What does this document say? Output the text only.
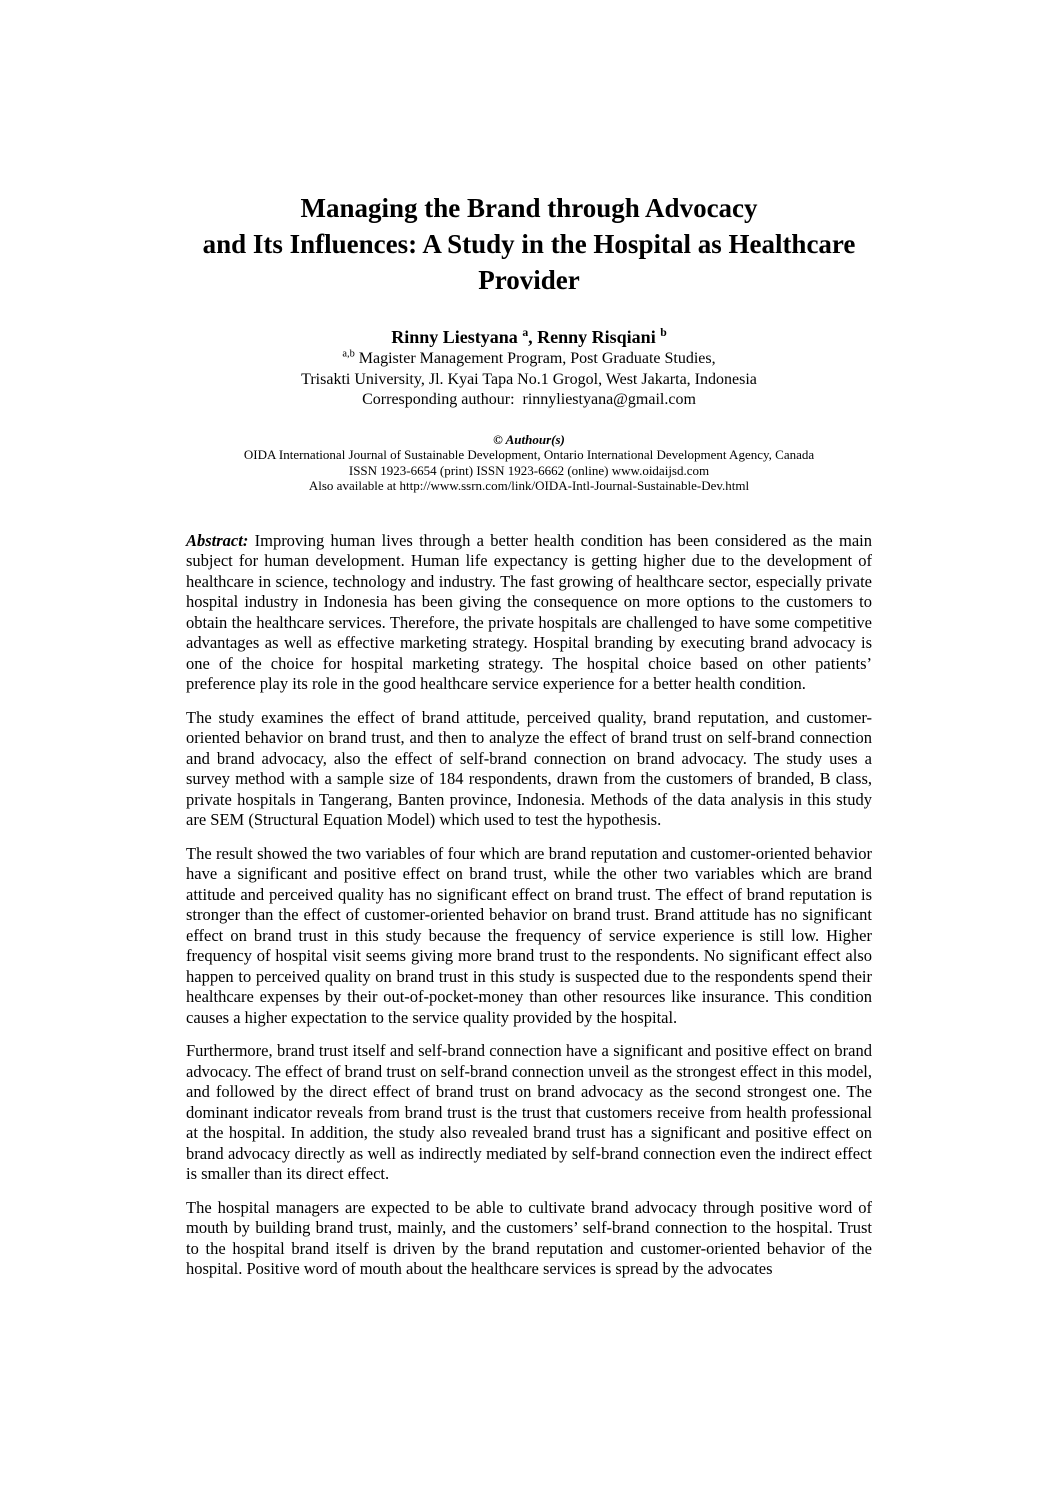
Managing the Brand through Advocacy
and Its Influences: A Study in the Hospital as Healthcare
Provider
Rinny Liestyana $^a$, Renny Risqiani $^b$
$^{a,b}$ Magister Management Program, Post Graduate Studies,
Trisakti University, Jl. Kyai Tapa No.1 Grogol, West Jakarta, Indonesia
Corresponding authour:  rinnyliestyana@gmail.com
© Authour(s)
OIDA International Journal of Sustainable Development, Ontario International Development Agency, Canada
ISSN 1923-6654 (print) ISSN 1923-6662 (online) www.oidaijsd.com
Also available at http://www.ssrn.com/link/OIDA-Intl-Journal-Sustainable-Dev.html

Abstract: Improving human lives through a better health condition has been considered as the main subject for human development. Human life expectancy is getting higher due to the development of healthcare in science, technology and industry. The fast growing of healthcare sector, especially private hospital industry in Indonesia has been giving the consequence on more options to the customers to obtain the healthcare services. Therefore, the private hospitals are challenged to have some competitive advantages as well as effective marketing strategy. Hospital branding by executing brand advocacy is one of the choice for hospital marketing strategy. The hospital choice based on other patients’ preference play its role in the good healthcare service experience for a better health condition.

The study examines the effect of brand attitude, perceived quality, brand reputation, and customer-oriented behavior on brand trust, and then to analyze the effect of brand trust on self-brand connection and brand advocacy, also the effect of self-brand connection on brand advocacy. The study uses a survey method with a sample size of 184 respondents, drawn from the customers of branded, B class, private hospitals in Tangerang, Banten province, Indonesia. Methods of the data analysis in this study are SEM (Structural Equation Model) which used to test the hypothesis.

The result showed the two variables of four which are brand reputation and customer-oriented behavior have a significant and positive effect on brand trust, while the other two variables which are brand attitude and perceived quality has no significant effect on brand trust. The effect of brand reputation is stronger than the effect of customer-oriented behavior on brand trust. Brand attitude has no significant effect on brand trust in this study because the frequency of service experience is still low. Higher frequency of hospital visit seems giving more brand trust to the respondents. No significant effect also happen to perceived quality on brand trust in this study is suspected due to the respondents spend their healthcare expenses by their out-of-pocket-money than other resources like insurance. This condition causes a higher expectation to the service quality provided by the hospital.

Furthermore, brand trust itself and self-brand connection have a significant and positive effect on brand advocacy. The effect of brand trust on self-brand connection unveil as the strongest effect in this model, and followed by the direct effect of brand trust on brand advocacy as the second strongest one. The dominant indicator reveals from brand trust is the trust that customers receive from health professional at the hospital. In addition, the study also revealed brand trust has a significant and positive effect on brand advocacy directly as well as indirectly mediated by self-brand connection even the indirect effect is smaller than its direct effect.

The hospital managers are expected to be able to cultivate brand advocacy through positive word of mouth by building brand trust, mainly, and the customers’ self-brand connection to the hospital. Trust to the hospital brand itself is driven by the brand reputation and customer-oriented behavior of the hospital. Positive word of mouth about the healthcare services is spread by the advocates
